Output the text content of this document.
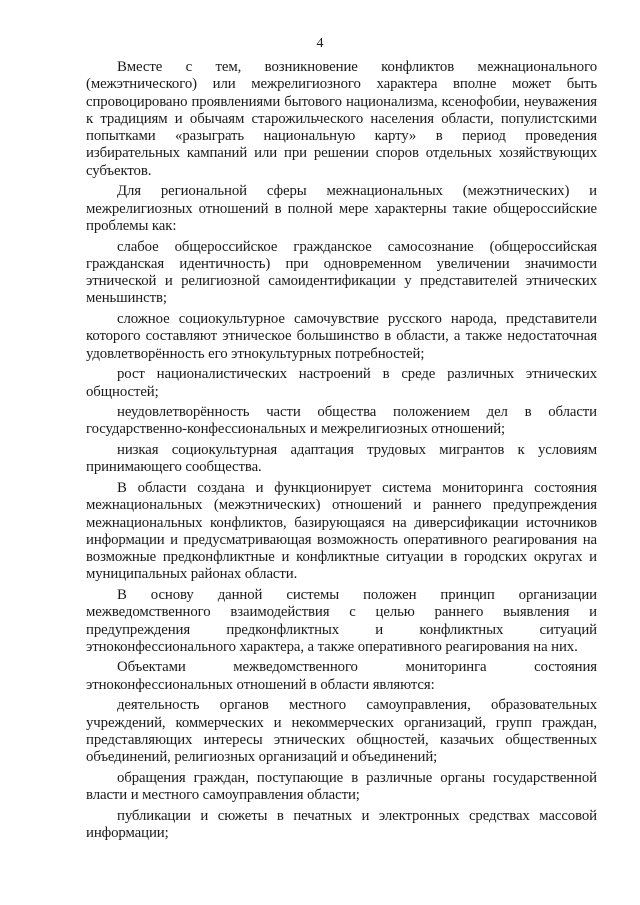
4

Вместе с тем, возникновение конфликтов межнационального (межэтнического) или межрелигиозного характера вполне может быть спровоцировано проявлениями бытового национализма, ксенофобии, неуважения к традициям и обычаям старожильческого населения области, популистскими попытками «разыграть национальную карту» в период проведения избирательных кампаний или при решении споров отдельных хозяйствующих субъектов.

Для региональной сферы межнациональных (межэтнических) и межрелигиозных отношений в полной мере характерны такие общероссийские проблемы как:

слабое общероссийское гражданское самосознание (общероссийская гражданская идентичность) при одновременном увеличении значимости этнической и религиозной самоидентификации у представителей этнических меньшинств;

сложное социокультурное самочувствие русского народа, представители которого составляют этническое большинство в области, а также недостаточная удовлетворённость его этнокультурных потребностей;

рост националистических настроений в среде различных этнических общностей;

неудовлетворённость части общества положением дел в области государственно-конфессиональных и межрелигиозных отношений;

низкая социокультурная адаптация трудовых мигрантов к условиям принимающего сообщества.

В области создана и функционирует система мониторинга состояния межнациональных (межэтнических) отношений и раннего предупреждения межнациональных конфликтов, базирующаяся на диверсификации источников информации и предусматривающая возможность оперативного реагирования на возможные предконфликтные и конфликтные ситуации в городских округах и муниципальных районах области.

В основу данной системы положен принцип организации межведомственного взаимодействия с целью раннего выявления и предупреждения предконфликтных и конфликтных ситуаций этноконфессионального характера, а также оперативного реагирования на них.

Объектами межведомственного мониторинга состояния этноконфессиональных отношений в области являются:

деятельность органов местного самоуправления, образовательных учреждений, коммерческих и некоммерческих организаций, групп граждан, представляющих интересы этнических общностей, казачьих общественных объединений, религиозных организаций и объединений;

обращения граждан, поступающие в различные органы государственной власти и местного самоуправления области;

публикации и сюжеты в печатных и электронных средствах массовой информации;
